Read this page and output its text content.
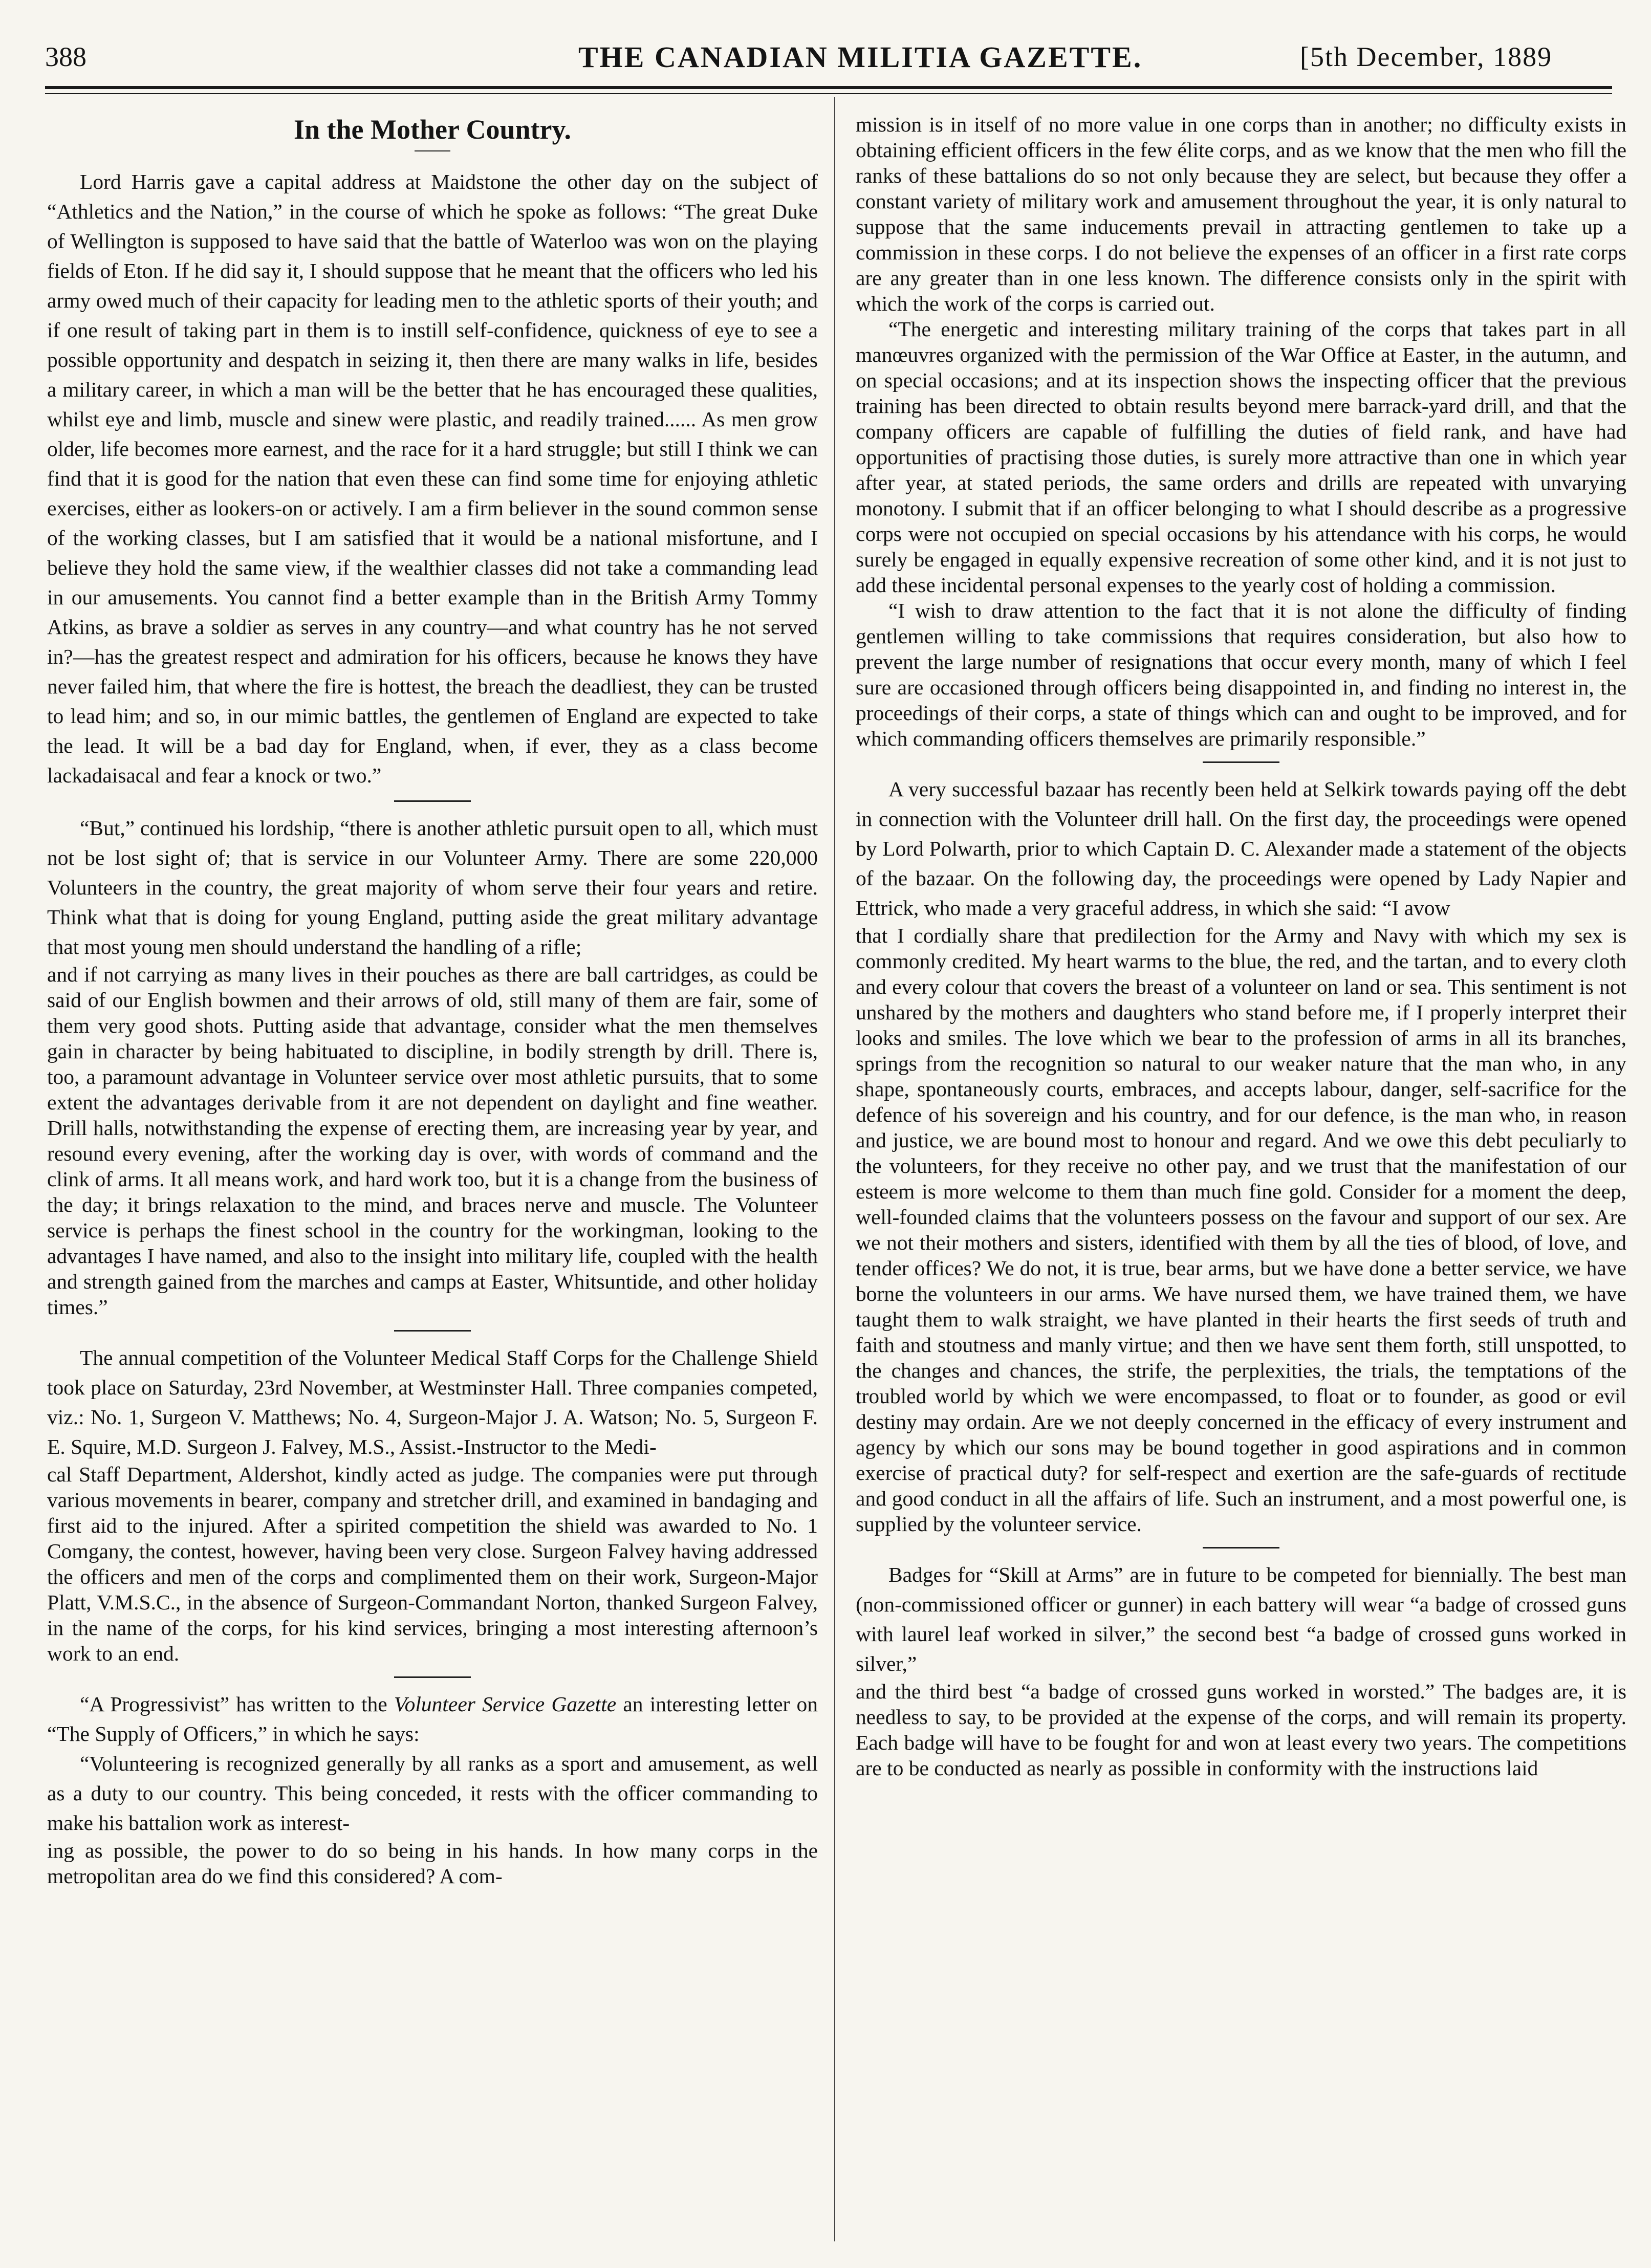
388	THE CANADIAN MILITIA GAZETTE.	[5th December, 1889
In the Mother Country.

Lord Harris gave a capital address at Maidstone the other day on the subject of “Athletics and the Nation,” in the course of which he spoke as follows: “The great Duke of Wellington is supposed to have said that the battle of Waterloo was won on the playing fields of Eton. If he did say it, I should suppose that he meant that the officers who led his army owed much of their capacity for leading men to the athletic sports of their youth; and if one result of taking part in them is to instill self-confidence, quickness of eye to see a possible opportunity and despatch in seizing it, then there are many walks in life, besides a military career, in which a man will be the better that he has encouraged these qualities, whilst eye and limb, muscle and sinew were plastic, and readily trained...... As men grow older, life becomes more earnest, and the race for it a hard struggle; but still I think we can find that it is good for the nation that even these can find some time for enjoying athletic exercises, either as lookers-on or actively. I am a firm believer in the sound common sense of the working classes, but I am satisfied that it would be a national misfortune, and I believe they hold the same view, if the wealthier classes did not take a commanding lead in our amusements. You cannot find a better example than in the British Army Tommy Atkins, as brave a soldier as serves in any country—and what country has he not served in?—has the greatest respect and admiration for his officers, because he knows they have never failed him, that where the fire is hottest, the breach the deadliest, they can be trusted to lead him; and so, in our mimic battles, the gentlemen of England are expected to take the lead. It will be a bad day for England, when, if ever, they as a class become lackadaisacal and fear a knock or two.”

“But,” continued his lordship, “there is another athletic pursuit open to all, which must not be lost sight of; that is service in our Volunteer Army. There are some 220,000 Volunteers in the country, the great majority of whom serve their four years and retire. Think what that is doing for young England, putting aside the great military advantage that most young men should understand the handling of a rifle;

and if not carrying as many lives in their pouches as there are ball cartridges, as could be said of our English bowmen and their arrows of old, still many of them are fair, some of them very good shots. Putting aside that advantage, consider what the men themselves gain in character by being habituated to discipline, in bodily strength by drill. There is, too, a paramount advantage in Volunteer service over most athletic pursuits, that to some extent the advantages derivable from it are not dependent on daylight and fine weather. Drill halls, notwithstanding the expense of erecting them, are increasing year by year, and resound every evening, after the working day is over, with words of command and the clink of arms. It all means work, and hard work too, but it is a change from the business of the day; it brings relaxation to the mind, and braces nerve and muscle. The Volunteer service is perhaps the finest school in the country for the workingman, looking to the advantages I have named, and also to the insight into military life, coupled with the health and strength gained from the marches and camps at Easter, Whitsuntide, and other holiday times.”

The annual competition of the Volunteer Medical Staff Corps for the Challenge Shield took place on Saturday, 23rd November, at Westminster Hall. Three companies competed, viz.: No. 1, Surgeon V. Matthews; No. 4, Surgeon-Major J. A. Watson; No. 5, Surgeon F. E. Squire, M.D. Surgeon J. Falvey, M.S., Assist.-Instructor to the Medi-

cal Staff Department, Aldershot, kindly acted as judge. The companies were put through various movements in bearer, company and stretcher drill, and examined in bandaging and first aid to the injured. After a spirited competition the shield was awarded to No. 1 Comgany, the contest, however, having been very close. Surgeon Falvey having addressed the officers and men of the corps and complimented them on their work, Surgeon-Major Platt, V.M.S.C., in the absence of Surgeon-Commandant Norton, thanked Surgeon Falvey, in the name of the corps, for his kind services, bringing a most interesting afternoon’s work to an end.

“A Progressivist” has written to the Volunteer Service Gazette an interesting letter on “The Supply of Officers,” in which he says:

“Volunteering is recognized generally by all ranks as a sport and amusement, as well as a duty to our country. This being conceded, it rests with the officer commanding to make his battalion work as interest-

ing as possible, the power to do so being in his hands. In how many corps in the metropolitan area do we find this considered? A com-

mission is in itself of no more value in one corps than in another; no difficulty exists in obtaining efficient officers in the few élite corps, and as we know that the men who fill the ranks of these battalions do so not only because they are select, but because they offer a constant variety of military work and amusement throughout the year, it is only natural to suppose that the same inducements prevail in attracting gentlemen to take up a commission in these corps. I do not believe the expenses of an officer in a first rate corps are any greater than in one less known. The difference consists only in the spirit with which the work of the corps is carried out.

“The energetic and interesting military training of the corps that takes part in all manœuvres organized with the permission of the War Office at Easter, in the autumn, and on special occasions; and at its inspection shows the inspecting officer that the previous training has been directed to obtain results beyond mere barrack-yard drill, and that the company officers are capable of fulfilling the duties of field rank, and have had opportunities of practising those duties, is surely more attractive than one in which year after year, at stated periods, the same orders and drills are repeated with unvarying monotony. I submit that if an officer belonging to what I should describe as a progressive corps were not occupied on special occasions by his attendance with his corps, he would surely be engaged in equally expensive recreation of some other kind, and it is not just to add these incidental personal expenses to the yearly cost of holding a commission.

“I wish to draw attention to the fact that it is not alone the difficulty of finding gentlemen willing to take commissions that requires consideration, but also how to prevent the large number of resignations that occur every month, many of which I feel sure are occasioned through officers being disappointed in, and finding no interest in, the proceedings of their corps, a state of things which can and ought to be improved, and for which commanding officers themselves are primarily responsible.”

A very successful bazaar has recently been held at Selkirk towards paying off the debt in connection with the Volunteer drill hall. On the first day, the proceedings were opened by Lord Polwarth, prior to which Captain D. C. Alexander made a statement of the objects of the bazaar. On the following day, the proceedings were opened by Lady Napier and Ettrick, who made a very graceful address, in which she said: “I avow

that I cordially share that predilection for the Army and Navy with which my sex is commonly credited. My heart warms to the blue, the red, and the tartan, and to every cloth and every colour that covers the breast of a volunteer on land or sea. This sentiment is not unshared by the mothers and daughters who stand before me, if I properly interpret their looks and smiles. The love which we bear to the profession of arms in all its branches, springs from the recognition so natural to our weaker nature that the man who, in any shape, spontaneously courts, embraces, and accepts labour, danger, self-sacrifice for the defence of his sovereign and his country, and for our defence, is the man who, in reason and justice, we are bound most to honour and regard. And we owe this debt peculiarly to the volunteers, for they receive no other pay, and we trust that the manifestation of our esteem is more welcome to them than much fine gold. Consider for a moment the deep, well-founded claims that the volunteers possess on the favour and support of our sex. Are we not their mothers and sisters, identified with them by all the ties of blood, of love, and tender offices? We do not, it is true, bear arms, but we have done a better service, we have borne the volunteers in our arms. We have nursed them, we have trained them, we have taught them to walk straight, we have planted in their hearts the first seeds of truth and faith and stoutness and manly virtue; and then we have sent them forth, still unspotted, to the changes and chances, the strife, the perplexities, the trials, the temptations of the troubled world by which we were encompassed, to float or to founder, as good or evil destiny may ordain. Are we not deeply concerned in the efficacy of every instrument and agency by which our sons may be bound together in good aspirations and in common exercise of practical duty? for self-respect and exertion are the safe-guards of rectitude and good conduct in all the affairs of life. Such an instrument, and a most powerful one, is supplied by the volunteer service.

Badges for “Skill at Arms” are in future to be competed for biennially. The best man (non-commissioned officer or gunner) in each battery will wear “a badge of crossed guns with laurel leaf worked in silver,” the second best “a badge of crossed guns worked in silver,”

and the third best “a badge of crossed guns worked in worsted.” The badges are, it is needless to say, to be provided at the expense of the corps, and will remain its property. Each badge will have to be fought for and won at least every two years. The competitions are to be conducted as nearly as possible in conformity with the instructions laid
